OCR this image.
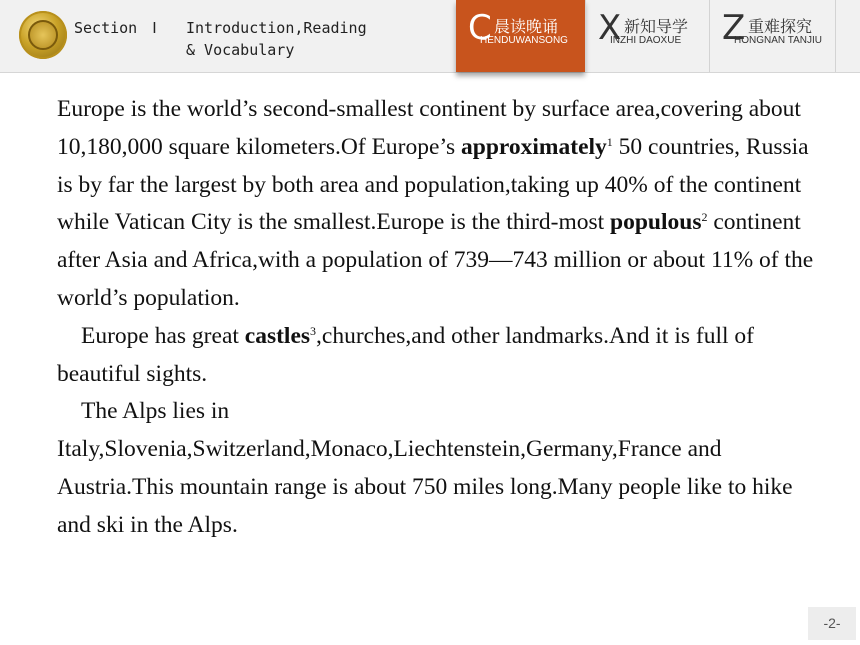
Section　Ⅰ Introduction,Reading
& Vocabulary
C 晨读晚诵
HENDUWANSONG X 新知导学
INZHI DAOXUE Z 重难探究
HONGNAN TANJIU

Europe is the world’s second-smallest continent by surface area,covering about 10,180,000 square kilometers.Of Europe’s approximately$^1$ 50 countries, Russia is by far the largest by both area and population,taking up 40% of the continent while Vatican City is the smallest.Europe is the third-most populous$^2$ continent after Asia and Africa,with a population of 739—743 million or about 11% of the world’s population.

Europe has great castles$^3$,churches,and other landmarks.And it is full of beautiful sights.

The Alps lies in

Italy,Slovenia,Switzerland,Monaco,Liechtenstein,Germany,France and Austria.This mountain range is about 750 miles long.Many people like to hike and ski in the Alps.

-2-
